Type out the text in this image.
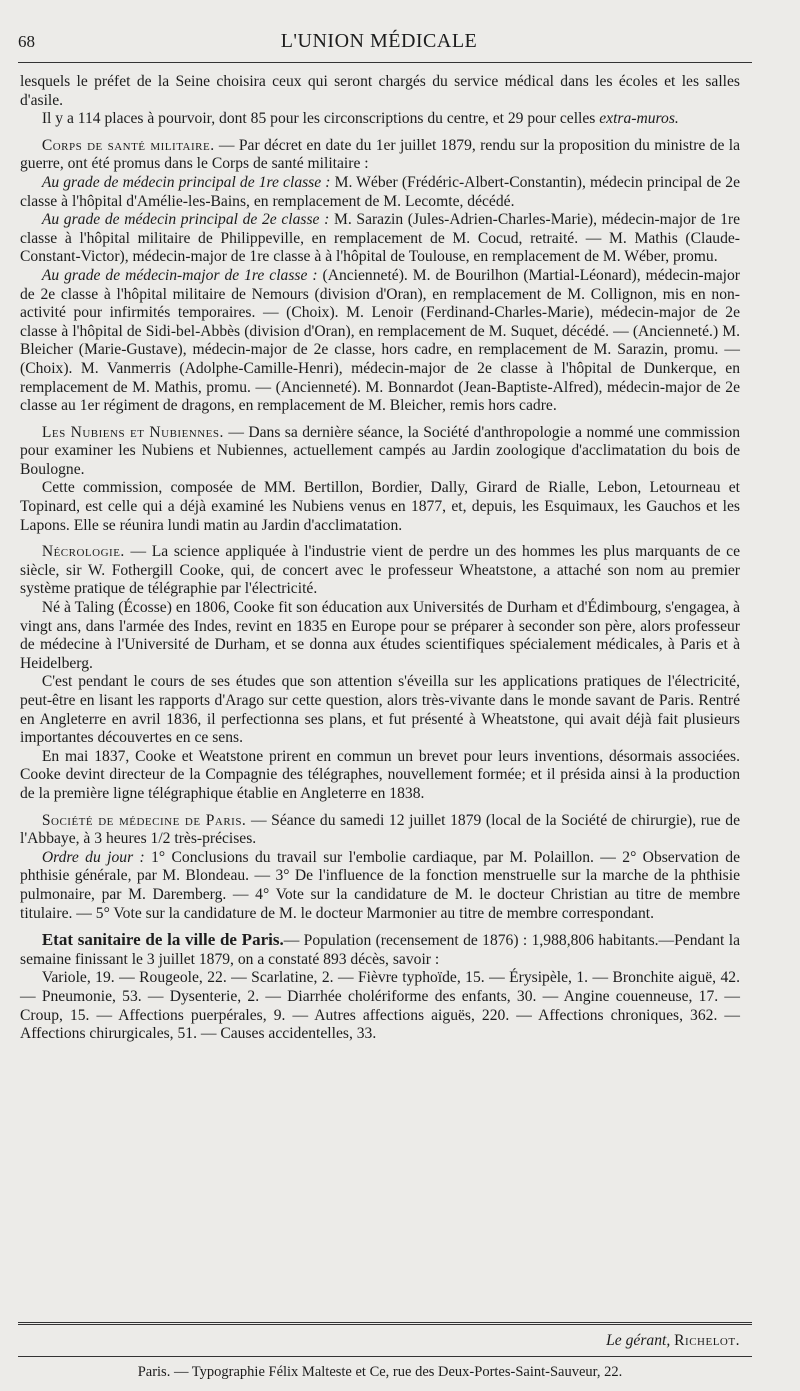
68	L'UNION MÉDICALE

lesquels le préfet de la Seine choisira ceux qui seront chargés du service médical dans les écoles et les salles d'asile.

Il y a 114 places à pourvoir, dont 85 pour les circonscriptions du centre, et 29 pour celles extra-muros.

Corps de santé militaire. — Par décret en date du 1er juillet 1879, rendu sur la proposition du ministre de la guerre, ont été promus dans le Corps de santé militaire :

Au grade de médecin principal de 1re classe : M. Wéber (Frédéric-Albert-Constantin), médecin principal de 2e classe à l'hôpital d'Amélie-les-Bains, en remplacement de M. Lecomte, décédé.

Au grade de médecin principal de 2e classe : M. Sarazin (Jules-Adrien-Charles-Marie), médecin-major de 1re classe à l'hôpital militaire de Philippeville, en remplacement de M. Cocud, retraité. — M. Mathis (Claude-Constant-Victor), médecin-major de 1re classe à à l'hôpital de Toulouse, en remplacement de M. Wéber, promu.

Au grade de médecin-major de 1re classe : (Ancienneté). M. de Bourilhon (Martial-Léonard), médecin-major de 2e classe à l'hôpital militaire de Nemours (division d'Oran), en remplacement de M. Collignon, mis en non-activité pour infirmités temporaires. — (Choix). M. Lenoir (Ferdinand-Charles-Marie), médecin-major de 2e classe à l'hôpital de Sidi-bel-Abbès (division d'Oran), en remplacement de M. Suquet, décédé. — (Ancienneté.) M. Bleicher (Marie-Gustave), médecin-major de 2e classe, hors cadre, en remplacement de M. Sarazin, promu. — (Choix). M. Vanmerris (Adolphe-Camille-Henri), médecin-major de 2e classe à l'hôpital de Dunkerque, en remplacement de M. Mathis, promu. — (Ancienneté). M. Bonnardot (Jean-Baptiste-Alfred), médecin-major de 2e classe au 1er régiment de dragons, en remplacement de M. Bleicher, remis hors cadre.

Les Nubiens et Nubiennes. — Dans sa dernière séance, la Société d'anthropologie a nommé une commission pour examiner les Nubiens et Nubiennes, actuellement campés au Jardin zoologique d'acclimatation du bois de Boulogne.

Cette commission, composée de MM. Bertillon, Bordier, Dally, Girard de Rialle, Lebon, Letourneau et Topinard, est celle qui a déjà examiné les Nubiens venus en 1877, et, depuis, les Esquimaux, les Gauchos et les Lapons. Elle se réunira lundi matin au Jardin d'acclimatation.

Nécrologie. — La science appliquée à l'industrie vient de perdre un des hommes les plus marquants de ce siècle, sir W. Fothergill Cooke, qui, de concert avec le professeur Wheatstone, a attaché son nom au premier système pratique de télégraphie par l'électricité.

Né à Taling (Écosse) en 1806, Cooke fit son éducation aux Universités de Durham et d'Édimbourg, s'engagea, à vingt ans, dans l'armée des Indes, revint en 1835 en Europe pour se préparer à seconder son père, alors professeur de médecine à l'Université de Durham, et se donna aux études scientifiques spécialement médicales, à Paris et à Heidelberg.

C'est pendant le cours de ses études que son attention s'éveilla sur les applications pratiques de l'électricité, peut-être en lisant les rapports d'Arago sur cette question, alors très-vivante dans le monde savant de Paris. Rentré en Angleterre en avril 1836, il perfectionna ses plans, et fut présenté à Wheatstone, qui avait déjà fait plusieurs importantes découvertes en ce sens.

En mai 1837, Cooke et Weatstone prirent en commun un brevet pour leurs inventions, désormais associées. Cooke devint directeur de la Compagnie des télégraphes, nouvellement formée; et il présida ainsi à la production de la première ligne télégraphique établie en Angleterre en 1838.

Société de médecine de Paris. — Séance du samedi 12 juillet 1879 (local de la Société de chirurgie), rue de l'Abbaye, à 3 heures 1/2 très-précises.

Ordre du jour : 1° Conclusions du travail sur l'embolie cardiaque, par M. Polaillon. — 2° Observation de phthisie générale, par M. Blondeau. — 3° De l'influence de la fonction menstruelle sur la marche de la phthisie pulmonaire, par M. Daremberg. — 4° Vote sur la candidature de M. le docteur Christian au titre de membre titulaire. — 5° Vote sur la candidature de M. le docteur Marmonier au titre de membre correspondant.

Etat sanitaire de la ville de Paris.— Population (recensement de 1876) : 1,988,806 habitants.—Pendant la semaine finissant le 3 juillet 1879, on a constaté 893 décès, savoir :

Variole, 19. — Rougeole, 22. — Scarlatine, 2. — Fièvre typhoïde, 15. — Érysipèle, 1. — Bronchite aiguë, 42. — Pneumonie, 53. — Dysenterie, 2. — Diarrhée cholériforme des enfants, 30. — Angine couenneuse, 17. — Croup, 15. — Affections puerpérales, 9. — Autres affections aiguës, 220. — Affections chroniques, 362. — Affections chirurgicales, 51. — Causes accidentelles, 33.

Le gérant, Richelot.
Paris. — Typographie Félix Malteste et Ce, rue des Deux-Portes-Saint-Sauveur, 22.
